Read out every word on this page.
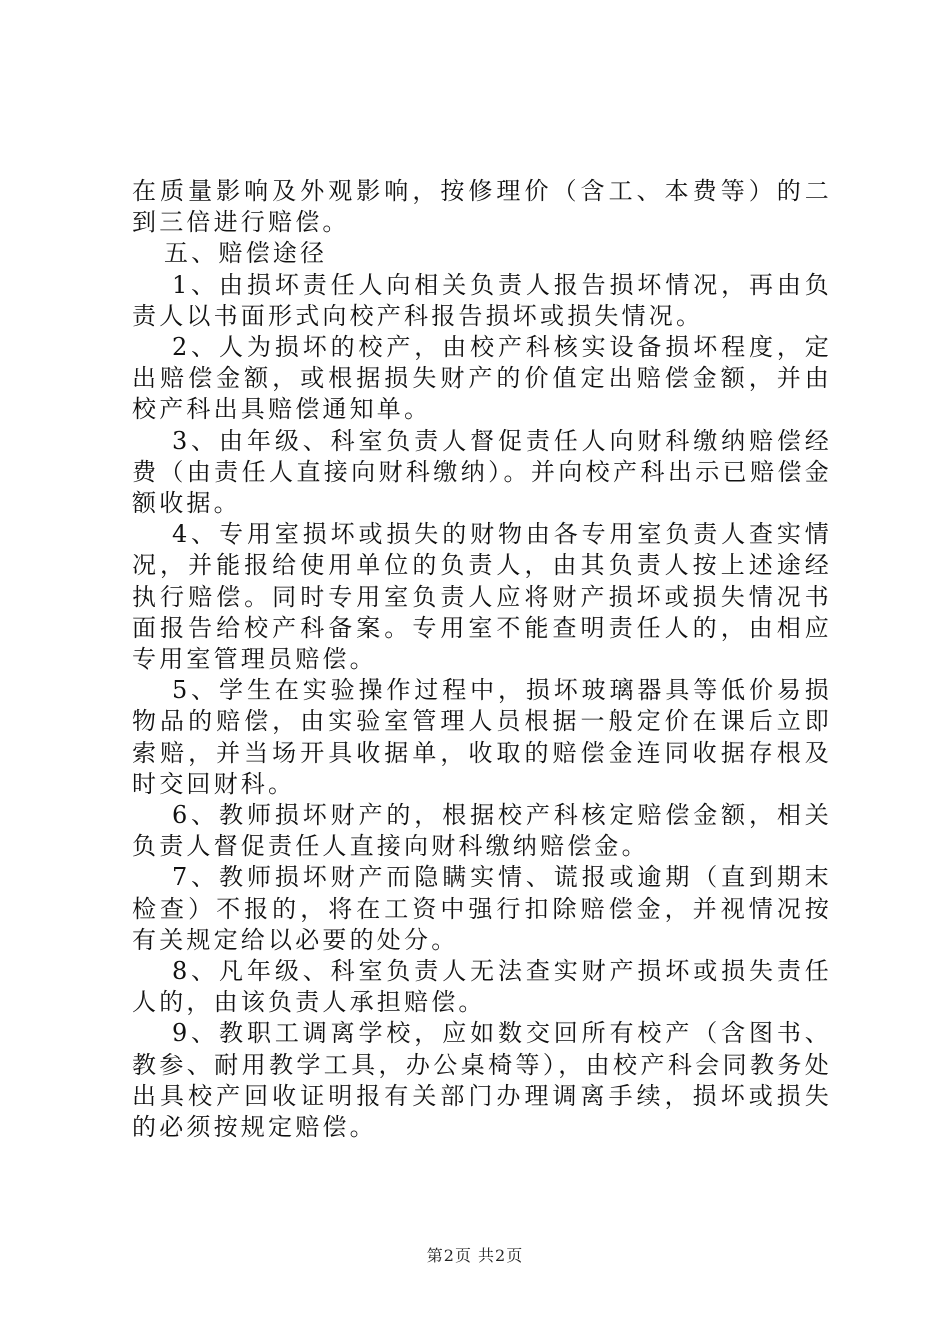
在质量影响及外观影响，按修理价（含工、本费等）的二到三倍进行赔偿。

五、赔偿途径

1、由损坏责任人向相关负责人报告损坏情况，再由负责人以书面形式向校产科报告损坏或损失情况。

2、人为损坏的校产，由校产科核实设备损坏程度，定出赔偿金额，或根据损失财产的价值定出赔偿金额，并由校产科出具赔偿通知单。

3、由年级、科室负责人督促责任人向财科缴纳赔偿经费（由责任人直接向财科缴纳）。并向校产科出示已赔偿金额收据。

4、专用室损坏或损失的财物由各专用室负责人查实情况，并能报给使用单位的负责人，由其负责人按上述途经执行赔偿。同时专用室负责人应将财产损坏或损失情况书面报告给校产科备案。专用室不能查明责任人的，由相应专用室管理员赔偿。

5、学生在实验操作过程中，损坏玻璃器具等低价易损物品的赔偿，由实验室管理人员根据一般定价在课后立即索赔，并当场开具收据单，收取的赔偿金连同收据存根及时交回财科。

6、教师损坏财产的，根据校产科核定赔偿金额，相关负责人督促责任人直接向财科缴纳赔偿金。

7、教师损坏财产而隐瞒实情、谎报或逾期（直到期末检查）不报的，将在工资中强行扣除赔偿金，并视情况按有关规定给以必要的处分。

8、凡年级、科室负责人无法查实财产损坏或损失责任人的，由该负责人承担赔偿。

9、教职工调离学校，应如数交回所有校产（含图书、教参、耐用教学工具，办公桌椅等），由校产科会同教务处出具校产回收证明报有关部门办理调离手续，损坏或损失的必须按规定赔偿。

第2页 共2页
